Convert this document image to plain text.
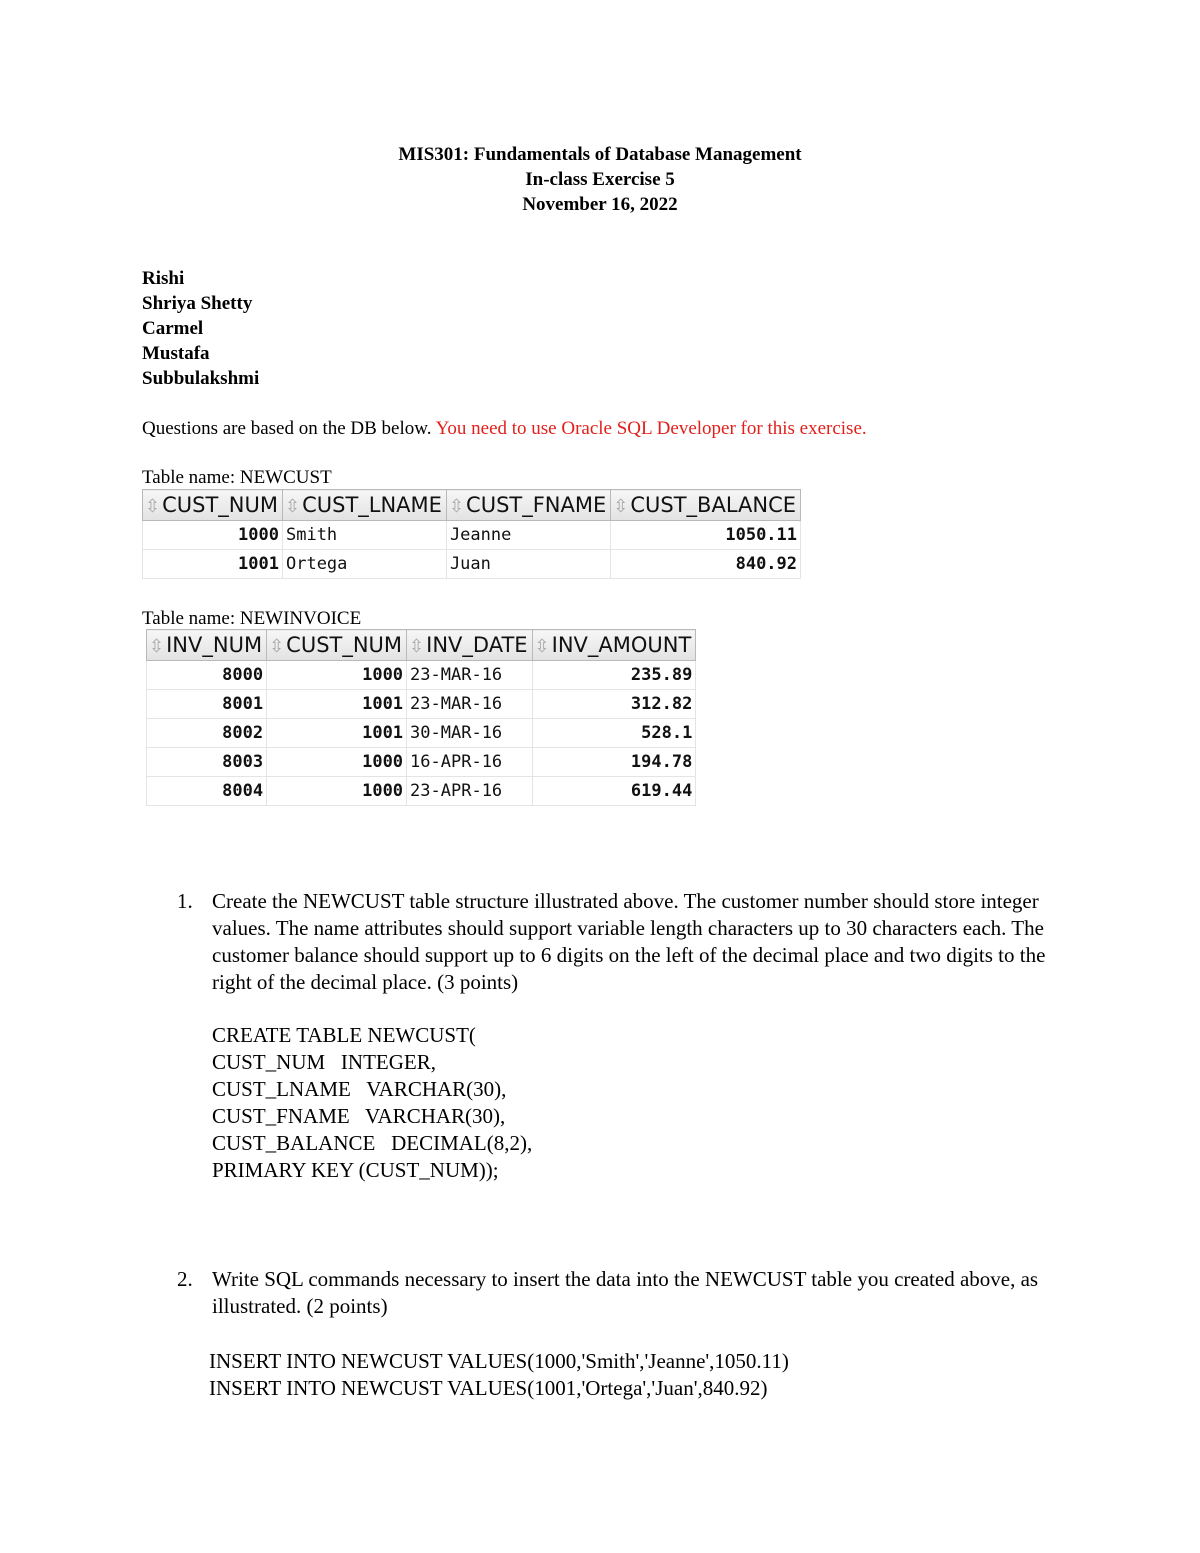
MIS301: Fundamentals of Database Management
In-class Exercise 5
November 16, 2022
Rishi
Shriya Shetty
Carmel
Mustafa
Subbulakshmi
Questions are based on the DB below. You need to use Oracle SQL Developer for this exercise.
Table name: NEWCUST
⇳CUST_NUM	⇳CUST_LNAME	⇳CUST_FNAME	⇳CUST_BALANCE
1000	Smith	Jeanne	1050.11
1001	Ortega	Juan	840.92
Table name: NEWINVOICE
⇳INV_NUM	⇳CUST_NUM	⇳INV_DATE	⇳INV_AMOUNT
8000	1000	23-MAR-16	235.89
8001	1001	23-MAR-16	312.82
8002	1001	30-MAR-16	528.1
8003	1000	16-APR-16	194.78
8004	1000	23-APR-16	619.44
1. Create the NEWCUST table structure illustrated above. The customer number should store integer values. The name attributes should support variable length characters up to 30 characters each. The customer balance should support up to 6 digits on the left of the decimal place and two digits to the right of the decimal place. (3 points)
CREATE TABLE NEWCUST(
CUST_NUM   INTEGER,
CUST_LNAME   VARCHAR(30),
CUST_FNAME   VARCHAR(30),
CUST_BALANCE   DECIMAL(8,2),
PRIMARY KEY (CUST_NUM));
2. Write SQL commands necessary to insert the data into the NEWCUST table you created above, as illustrated. (2 points)
INSERT INTO NEWCUST VALUES(1000,'Smith','Jeanne',1050.11)
INSERT INTO NEWCUST VALUES(1001,'Ortega','Juan',840.92)
